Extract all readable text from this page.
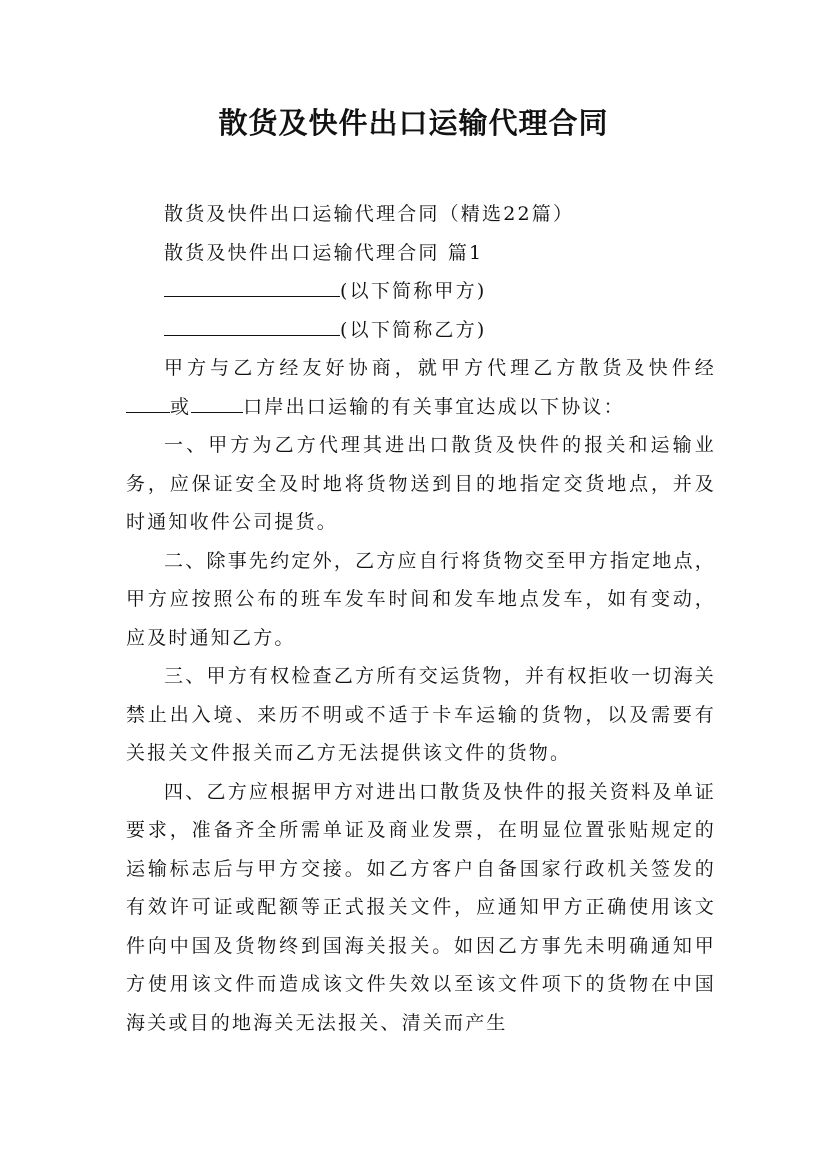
散货及快件出口运输代理合同

散货及快件出口运输代理合同（精选22篇）

散货及快件出口运输代理合同 篇1

(以下简称甲方)

(以下简称乙方)

甲方与乙方经友好协商，就甲方代理乙方散货及快件经或	口岸出口运输的有关事宜达成以下协议：

一、甲方为乙方代理其进出口散货及快件的报关和运输业务，应保证安全及时地将货物送到目的地指定交货地点，并及时通知收件公司提货。

二、除事先约定外，乙方应自行将货物交至甲方指定地点，甲方应按照公布的班车发车时间和发车地点发车，如有变动，应及时通知乙方。

三、甲方有权检查乙方所有交运货物，并有权拒收一切海关禁止出入境、来历不明或不适于卡车运输的货物，以及需要有关报关文件报关而乙方无法提供该文件的货物。

四、乙方应根据甲方对进出口散货及快件的报关资料及单证要求，准备齐全所需单证及商业发票，在明显位置张贴规定的运输标志后与甲方交接。如乙方客户自备国家行政机关签发的有效许可证或配额等正式报关文件，应通知甲方正确使用该文件向中国及货物终到国海关报关。如因乙方事先未明确通知甲方使用该文件而造成该文件失效以至该文件项下的货物在中国海关或目的地海关无法报关、清关而产生
